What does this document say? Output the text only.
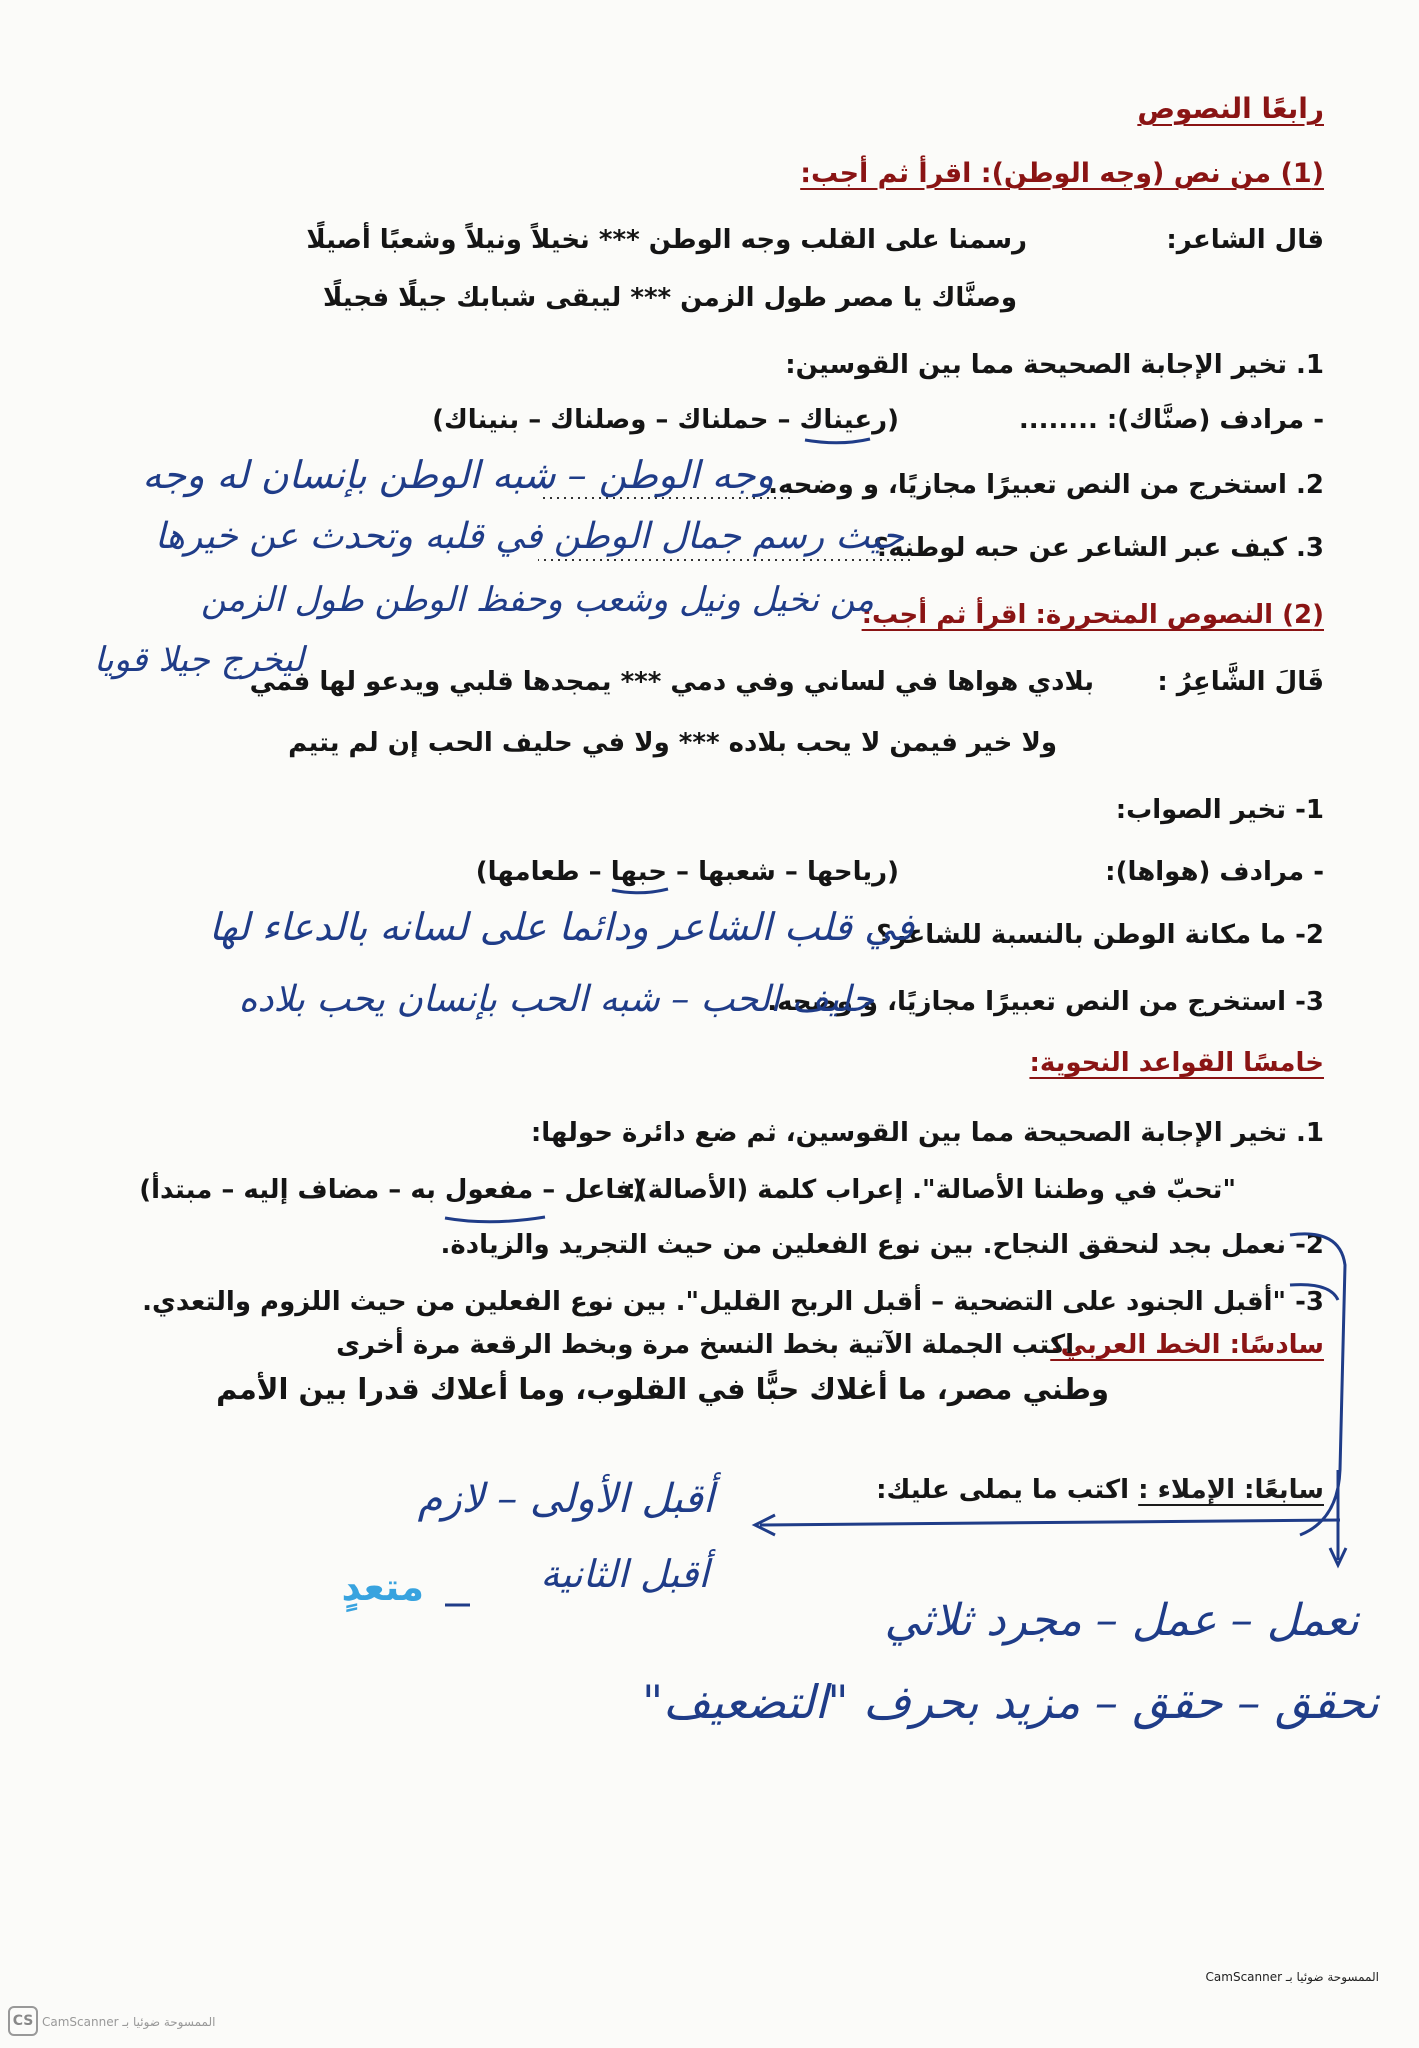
رابعًا النصوص
(1) من نص (وجه الوطن): اقرأ ثم أجب:
قال الشاعر:
رسمنا على القلب وجه الوطن *** نخيلاً ونيلاً وشعبًا أصيلًا
وصنَّاك يا مصر طول الزمن *** ليبقى شبابك جيلًا فجيلًا
1. تخير الإجابة الصحيحة مما بين القوسين:
- مرادف (صنَّاك): ........
(رعيناك – حملناك – وصلناك – بنيناك)
2. استخرج من النص تعبيرًا مجازيًا، و وضحه.
3. كيف عبر الشاعر عن حبه لوطنه؟
(2) النصوص المتحررة: اقرأ ثم أجب:
قَالَ الشَّاعِرُ :
بلادي هواها في لساني وفي دمي *** يمجدها قلبي ويدعو لها فمي
ولا خير فيمن لا يحب بلاده *** ولا في حليف الحب إن لم يتيم
1- تخير الصواب:
- مرادف (هواها):
(رياحها – شعبها – حبها – طعامها)
2- ما مكانة الوطن بالنسبة للشاعر؟
3- استخرج من النص تعبيرًا مجازيًا، و وضحه.
خامسًا القواعد النحوية:
1. تخير الإجابة الصحيحة مما بين القوسين، ثم ضع دائرة حولها:
"تحبّ في وطننا الأصالة". إعراب كلمة (الأصالة):
(فاعل – مفعول به – مضاف إليه – مبتدأ)
2- نعمل بجد لنحقق النجاح. بين نوع الفعلين من حيث التجريد والزيادة.
3- "أقبل الجنود على التضحية – أقبل الربح القليل". بين نوع الفعلين من حيث اللزوم والتعدي.
سادسًا: الخط العربي:
اكتب الجملة الآتية بخط النسخ مرة وبخط الرقعة مرة أخرى
وطني مصر، ما أغلاك حبًّا في القلوب، وما أعلاك قدرا بين الأمم
سابعًا: الإملاء :
اكتب ما يملى عليك:
وجه الوطن – شبه الوطن بإنسان له وجه
حيث رسم جمال الوطن في قلبه وتحدث عن خيرها
من نخيل ونيل وشعب وحفظ الوطن طول الزمن
ليخرج جيلا قويا
في قلب الشاعر ودائما على لسانه بالدعاء لها
حليف الحب – شبه الحب بإنسان يحب بلاده
أقبل الأولى – لازم
أقبل الثانية
متعدٍ
نعمل – عمل – مجرد ثلاثي
نحقق – حقق – مزيد بحرف "التضعيف"
الممسوحة ضوئيا بـ CamScanner
CS CamScanner الممسوحة ضوئيا بـ
